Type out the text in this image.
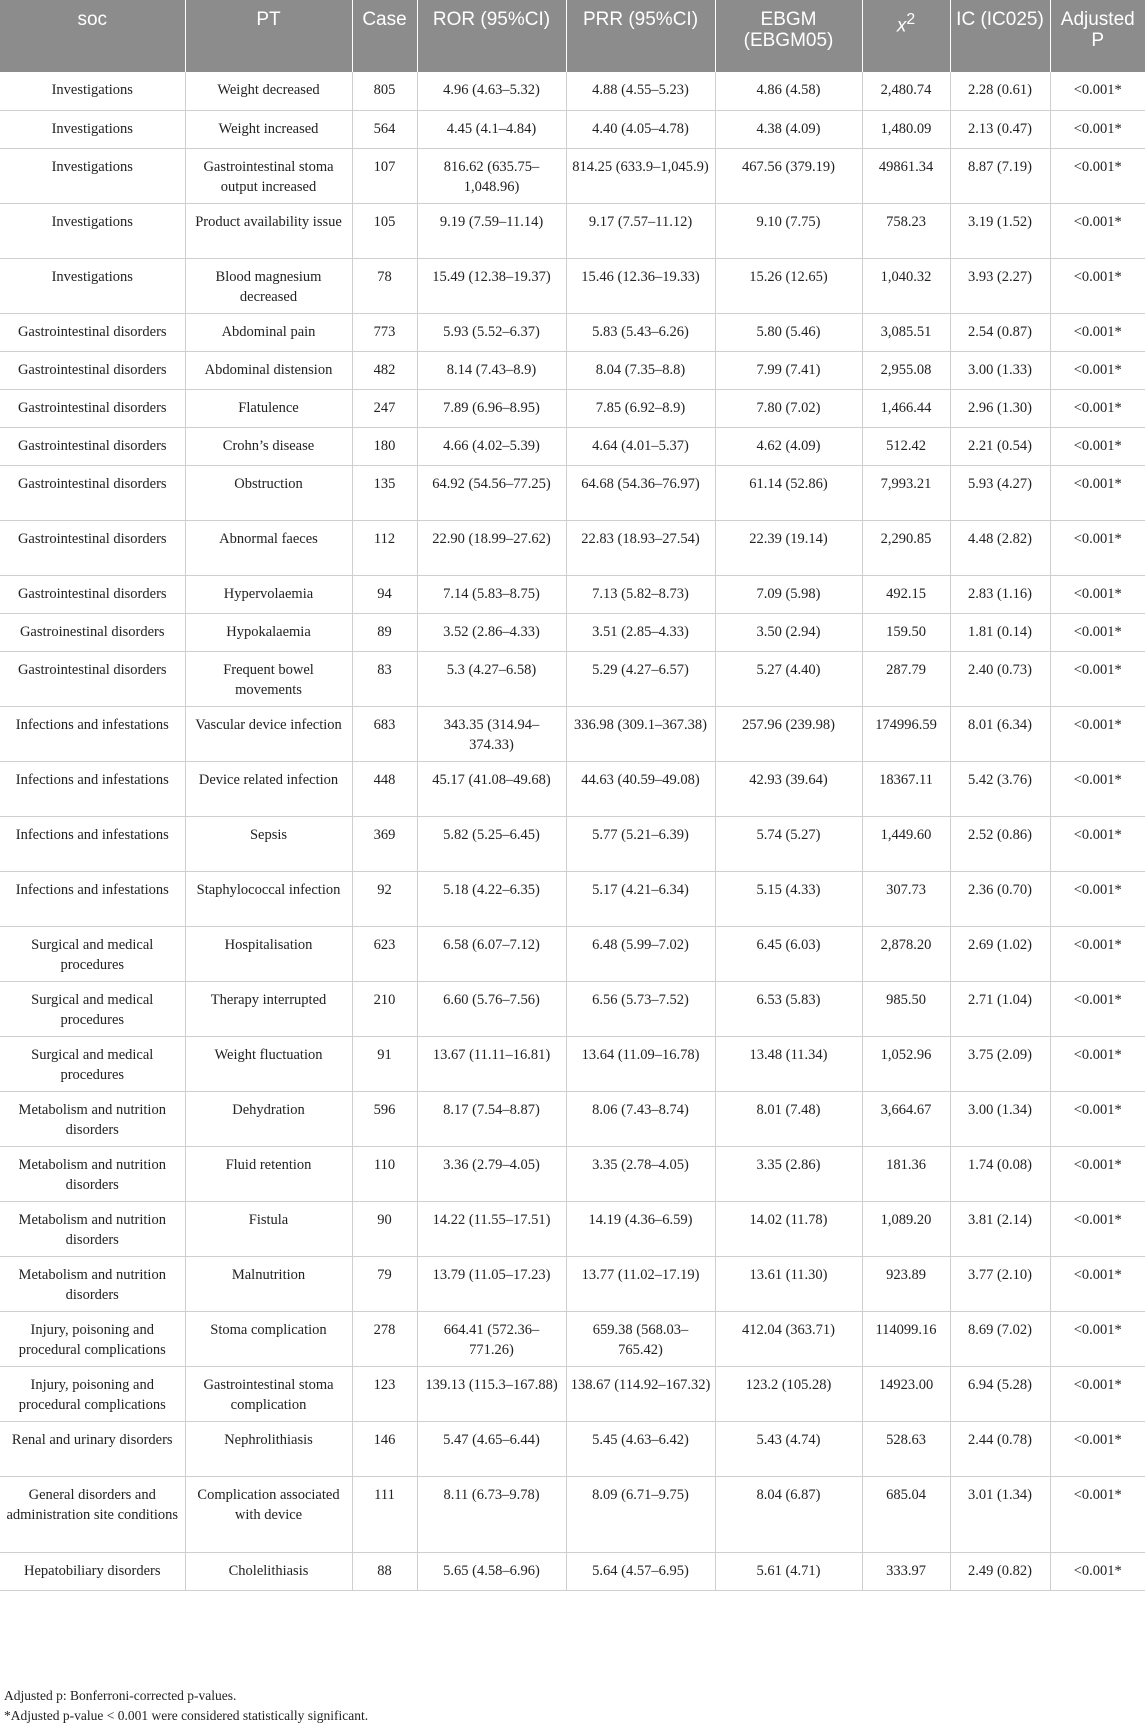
soc	PT	Case	ROR (95%CI)	PRR (95%CI)	EBGM (EBGM05)	$x^2$	IC (IC025)	Adjusted P
Investigations	Weight decreased	805	4.96 (4.63–5.32)	4.88 (4.55–5.23)	4.86 (4.58)	2,480.74	2.28 (0.61)	<0.001*
Investigations	Weight increased	564	4.45 (4.1–4.84)	4.40 (4.05–4.78)	4.38 (4.09)	1,480.09	2.13 (0.47)	<0.001*
Investigations	Gastrointestinal stoma output increased	107	816.62 (635.75–1,048.96)	814.25 (633.9–1,045.9)	467.56 (379.19)	49861.34	8.87 (7.19)	<0.001*
Investigations	Product availability issue	105	9.19 (7.59–11.14)	9.17 (7.57–11.12)	9.10 (7.75)	758.23	3.19 (1.52)	<0.001*
Investigations	Blood magnesium decreased	78	15.49 (12.38–19.37)	15.46 (12.36–19.33)	15.26 (12.65)	1,040.32	3.93 (2.27)	<0.001*
Gastrointestinal disorders	Abdominal pain	773	5.93 (5.52–6.37)	5.83 (5.43–6.26)	5.80 (5.46)	3,085.51	2.54 (0.87)	<0.001*
Gastrointestinal disorders	Abdominal distension	482	8.14 (7.43–8.9)	8.04 (7.35–8.8)	7.99 (7.41)	2,955.08	3.00 (1.33)	<0.001*
Gastrointestinal disorders	Flatulence	247	7.89 (6.96–8.95)	7.85 (6.92–8.9)	7.80 (7.02)	1,466.44	2.96 (1.30)	<0.001*
Gastrointestinal disorders	Crohn’s disease	180	4.66 (4.02–5.39)	4.64 (4.01–5.37)	4.62 (4.09)	512.42	2.21 (0.54)	<0.001*
Gastrointestinal disorders	Obstruction	135	64.92 (54.56–77.25)	64.68 (54.36–76.97)	61.14 (52.86)	7,993.21	5.93 (4.27)	<0.001*
Gastrointestinal disorders	Abnormal faeces	112	22.90 (18.99–27.62)	22.83 (18.93–27.54)	22.39 (19.14)	2,290.85	4.48 (2.82)	<0.001*
Gastrointestinal disorders	Hypervolaemia	94	7.14 (5.83–8.75)	7.13 (5.82–8.73)	7.09 (5.98)	492.15	2.83 (1.16)	<0.001*
Gastroinestinal disorders	Hypokalaemia	89	3.52 (2.86–4.33)	3.51 (2.85–4.33)	3.50 (2.94)	159.50	1.81 (0.14)	<0.001*
Gastrointestinal disorders	Frequent bowel movements	83	5.3 (4.27–6.58)	5.29 (4.27–6.57)	5.27 (4.40)	287.79	2.40 (0.73)	<0.001*
Infections and infestations	Vascular device infection	683	343.35 (314.94–374.33)	336.98 (309.1–367.38)	257.96 (239.98)	174996.59	8.01 (6.34)	<0.001*
Infections and infestations	Device related infection	448	45.17 (41.08–49.68)	44.63 (40.59–49.08)	42.93 (39.64)	18367.11	5.42 (3.76)	<0.001*
Infections and infestations	Sepsis	369	5.82 (5.25–6.45)	5.77 (5.21–6.39)	5.74 (5.27)	1,449.60	2.52 (0.86)	<0.001*
Infections and infestations	Staphylococcal infection	92	5.18 (4.22–6.35)	5.17 (4.21–6.34)	5.15 (4.33)	307.73	2.36 (0.70)	<0.001*
Surgical and medical procedures	Hospitalisation	623	6.58 (6.07–7.12)	6.48 (5.99–7.02)	6.45 (6.03)	2,878.20	2.69 (1.02)	<0.001*
Surgical and medical procedures	Therapy interrupted	210	6.60 (5.76–7.56)	6.56 (5.73–7.52)	6.53 (5.83)	985.50	2.71 (1.04)	<0.001*
Surgical and medical procedures	Weight fluctuation	91	13.67 (11.11–16.81)	13.64 (11.09–16.78)	13.48 (11.34)	1,052.96	3.75 (2.09)	<0.001*
Metabolism and nutrition disorders	Dehydration	596	8.17 (7.54–8.87)	8.06 (7.43–8.74)	8.01 (7.48)	3,664.67	3.00 (1.34)	<0.001*
Metabolism and nutrition disorders	Fluid retention	110	3.36 (2.79–4.05)	3.35 (2.78–4.05)	3.35 (2.86)	181.36	1.74 (0.08)	<0.001*
Metabolism and nutrition disorders	Fistula	90	14.22 (11.55–17.51)	14.19 (4.36–6.59)	14.02 (11.78)	1,089.20	3.81 (2.14)	<0.001*
Metabolism and nutrition disorders	Malnutrition	79	13.79 (11.05–17.23)	13.77 (11.02–17.19)	13.61 (11.30)	923.89	3.77 (2.10)	<0.001*
Injury, poisoning and procedural complications	Stoma complication	278	664.41 (572.36–771.26)	659.38 (568.03–765.42)	412.04 (363.71)	114099.16	8.69 (7.02)	<0.001*
Injury, poisoning and procedural complications	Gastrointestinal stoma complication	123	139.13 (115.3–167.88)	138.67 (114.92–167.32)	123.2 (105.28)	14923.00	6.94 (5.28)	<0.001*
Renal and urinary disorders	Nephrolithiasis	146	5.47 (4.65–6.44)	5.45 (4.63–6.42)	5.43 (4.74)	528.63	2.44 (0.78)	<0.001*
General disorders and administration site conditions	Complication associated with device	111	8.11 (6.73–9.78)	8.09 (6.71–9.75)	8.04 (6.87)	685.04	3.01 (1.34)	<0.001*
Hepatobiliary disorders	Cholelithiasis	88	5.65 (4.58–6.96)	5.64 (4.57–6.95)	5.61 (4.71)	333.97	2.49 (0.82)	<0.001*
Adjusted p: Bonferroni-corrected p-values.
*Adjusted p-value < 0.001 were considered statistically significant.
